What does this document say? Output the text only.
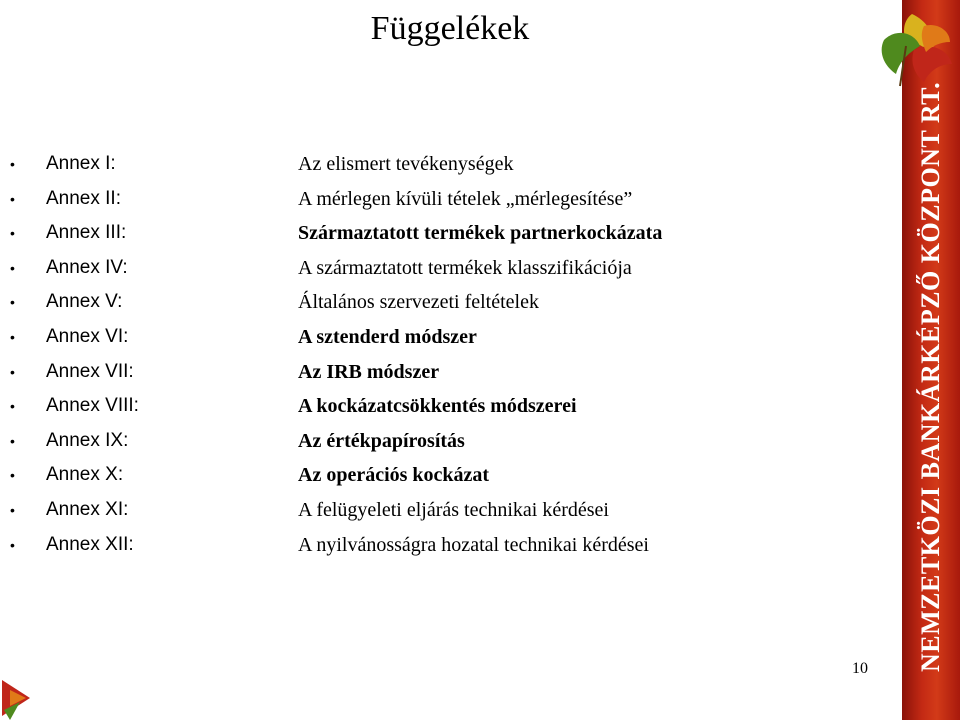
Függelékek
• Annex I:	Az elismert tevékenységek
• Annex II:	A mérlegen kívüli tételek „mérlegesítése”
• Annex III:	Származtatott termékek partnerkockázata
• Annex IV:	A származtatott termékek klasszifikációja
• Annex V:	Általános szervezeti feltételek
• Annex VI:	A sztenderd módszer
• Annex VII:	Az IRB módszer
• Annex VIII:	A kockázatcsökkentés módszerei
• Annex IX:	Az értékpapírosítás
• Annex X:	Az operációs kockázat
• Annex XI:	A felügyeleti eljárás technikai kérdései
• Annex XII:	A nyilvánosságra hozatal technikai kérdései	NEMZETKÖZI BANKÁRKÉPZŐ KÖZPONT RT.
10
